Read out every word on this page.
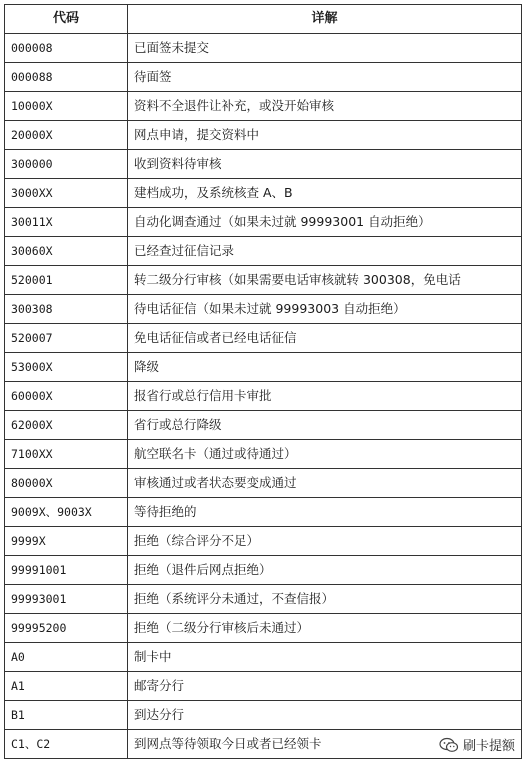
代码	详解
000008	已面签未提交
000088	待面签
10000X	资料不全退件让补充，或没开始审核
20000X	网点申请，提交资料中
300000	收到资料待审核
3000XX	建档成功，及系统核查 A、B
30011X	自动化调查通过（如果未过就 99993001 自动拒绝）
30060X	已经查过征信记录
520001	转二级分行审核（如果需要电话审核就转 300308，免电话
300308	待电话征信（如果未过就 99993003 自动拒绝）
520007	免电话征信或者已经电话征信
53000X	降级
60000X	报省行或总行信用卡审批
62000X	省行或总行降级
7100XX	航空联名卡（通过或待通过）
80000X	审核通过或者状态要变成通过
9009X、9003X	等待拒绝的
9999X	拒绝（综合评分不足）
99991001	拒绝（退件后网点拒绝）
99993001	拒绝（系统评分未通过，不查信报）
99995200	拒绝（二级分行审核后未通过）
A0	制卡中
A1	邮寄分行
B1	到达分行
C1、C2	到网点等待领取今日或者已经领卡	刷卡提额
